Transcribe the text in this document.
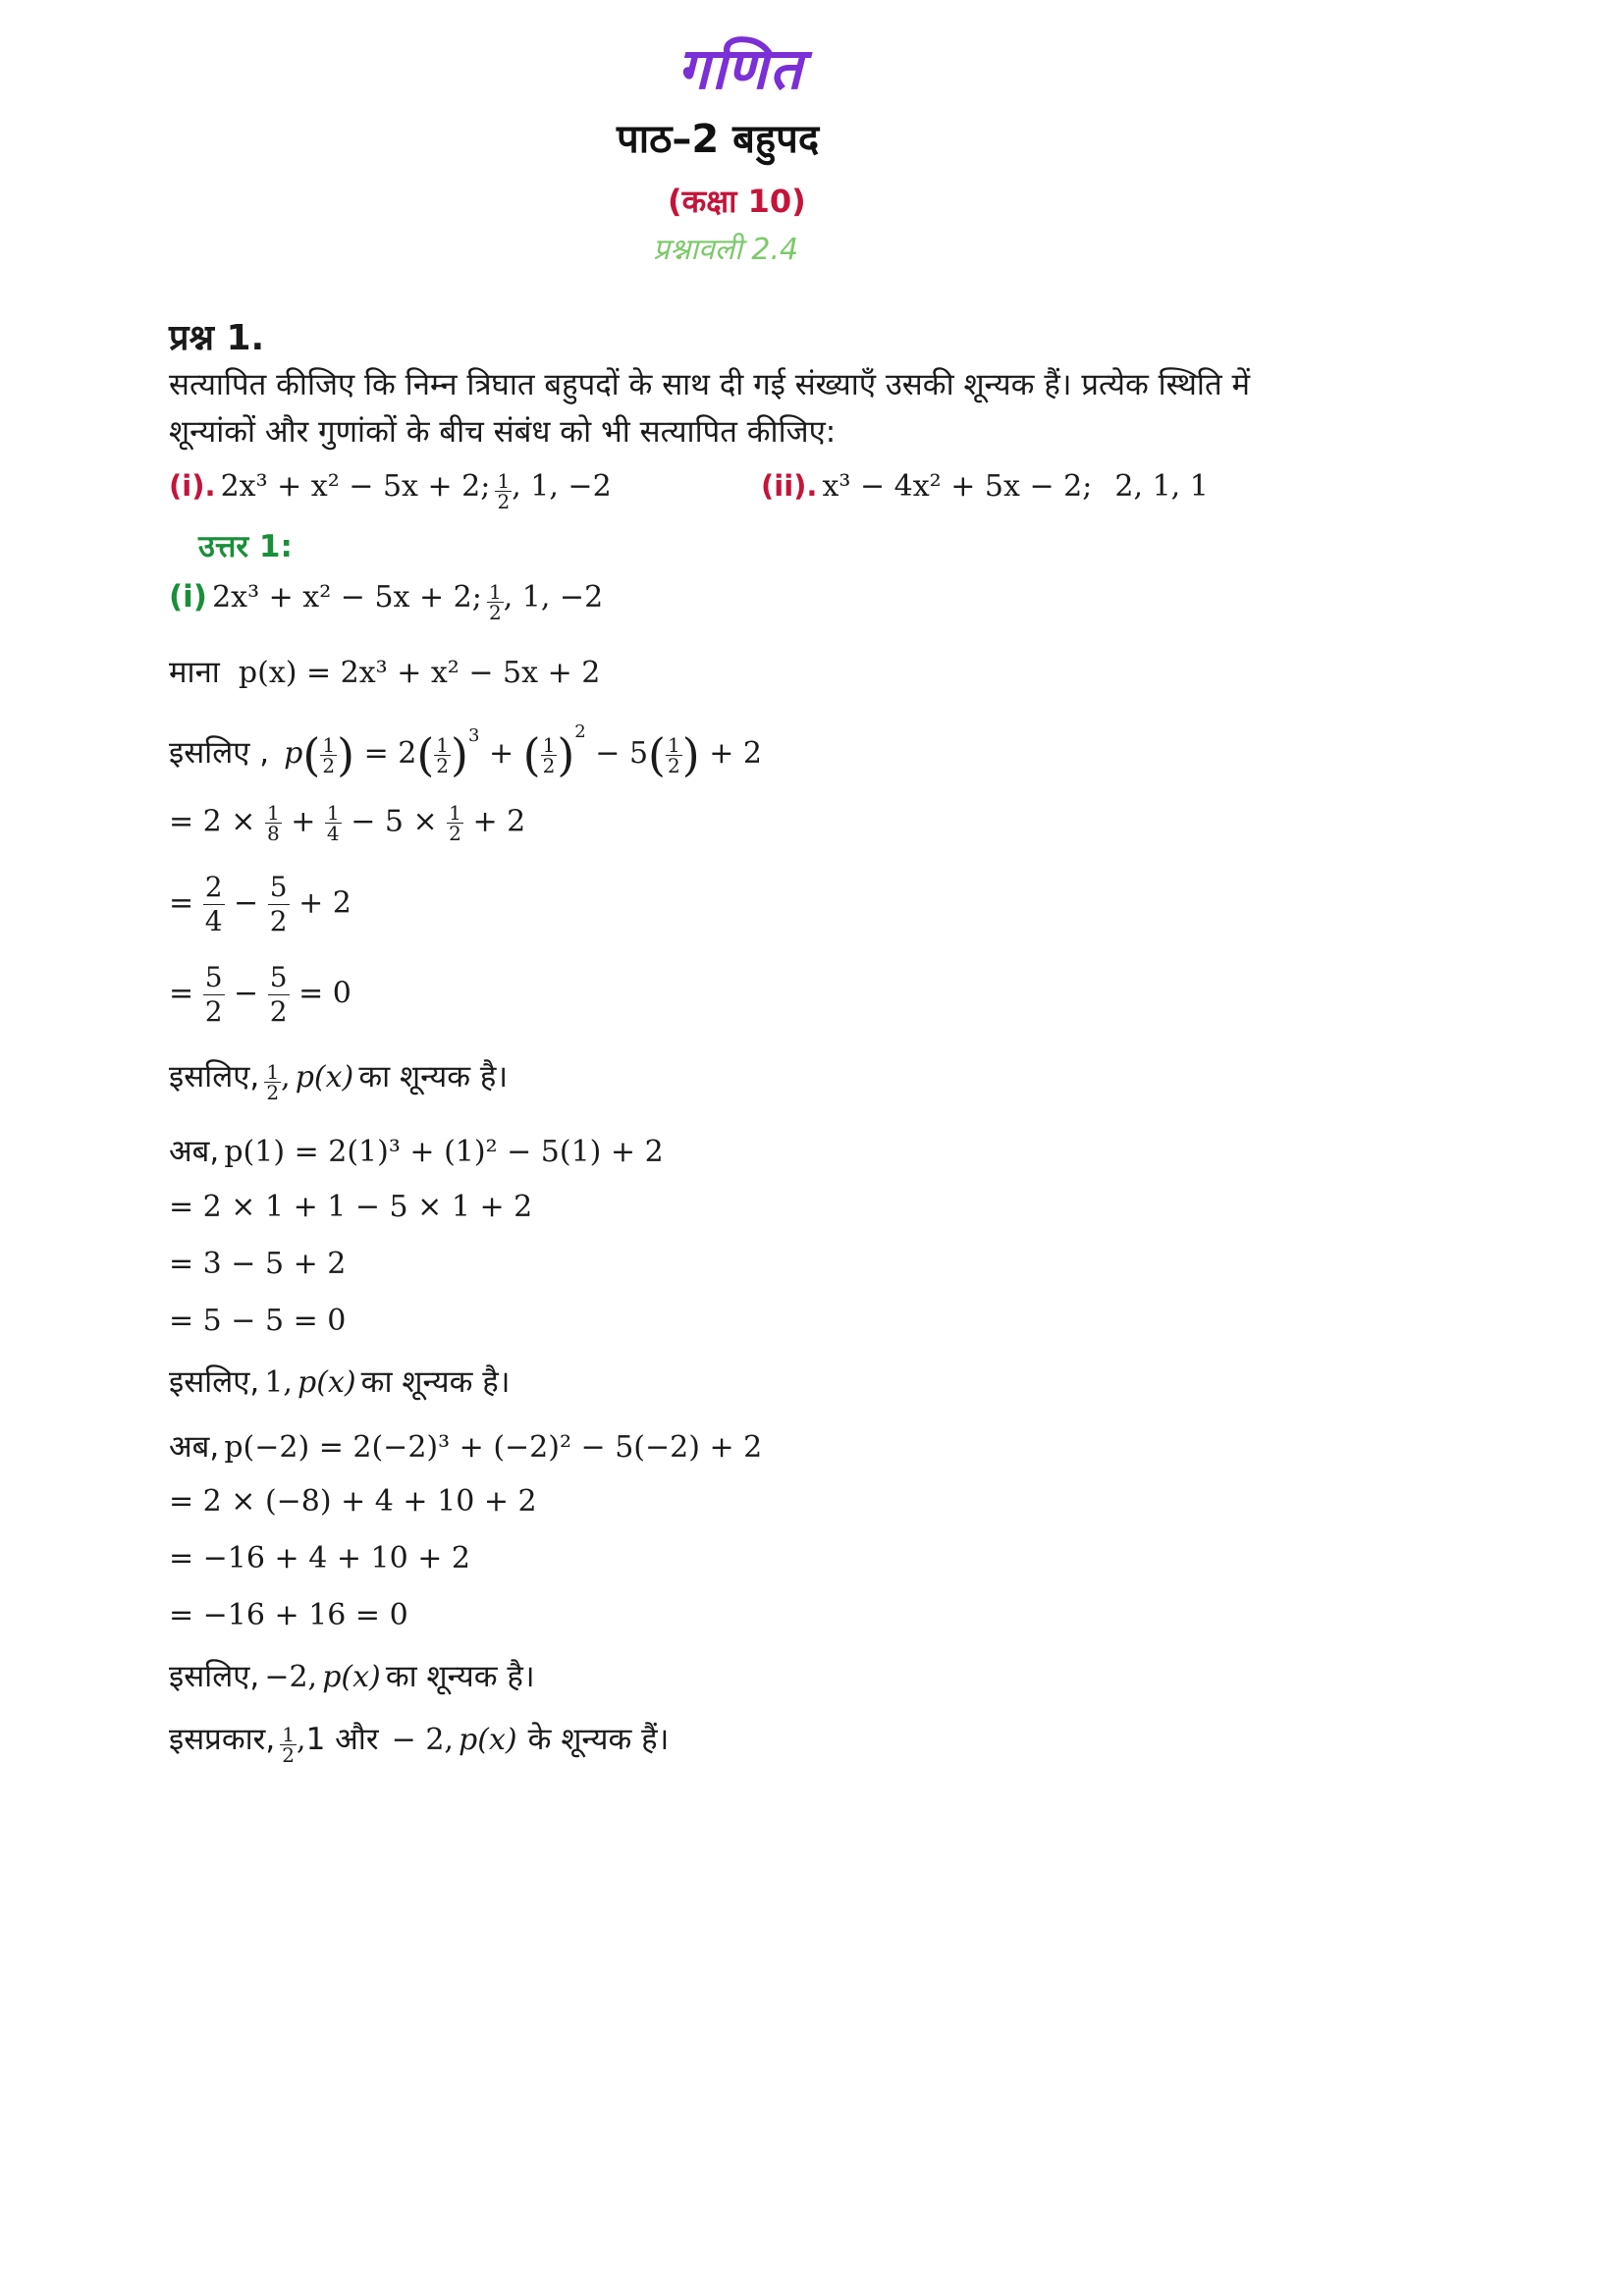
गणित
पाठ–2 बहुपद
(कक्षा 10)
प्रश्नावली 2.4
प्रश्न 1.
सत्यापित कीजिए कि निम्न त्रिघात बहुपदों के साथ दी गई संख्याएँ उसकी शून्यक हैं। प्रत्येक स्थिति में
शून्यांकों और गुणांकों के बीच संबंध को भी सत्यापित कीजिए:
(i). 2x³ + x² − 5x + 2; $\frac{1}{2}$ , 1, −2	(ii). x³ − 4x² + 5x − 2; 2, 1, 1
उत्तर 1:
(i) 2x³ + x² − 5x + 2; $\frac{1}{2}$ , 1, −2
माना p(x) = 2x³ + x² − 5x + 2
इसलिए , $p( \frac{1}{2}$ ) = $2( \frac{1}{2} )^3$ + ( $\frac{1}{2} )^2 - 5( \frac{1}{2}$ ) + 2
= $2 \times \frac{1}{8} + \frac{1}{4} - 5 \times \frac{1}{2} + 2$
= $\frac{2}{4} - \frac{5}{2} + 2$
= $\frac{5}{2} - \frac{5}{2} = 0$
इसलिए, $\frac{1}{2}$ , p(x) का शून्यक है।
अब, p(1) = 2(1)³ + (1)² − 5(1) + 2
= 2 × 1 + 1 − 5 × 1 + 2
= 3 − 5 + 2
= 5 − 5 = 0
इसलिए, 1, p(x) का शून्यक है।
अब, p(−2) = 2(−2)³ + (−2)² − 5(−2) + 2
= 2 × (−8) + 4 + 10 + 2
= −16 + 4 + 10 + 2
= −16 + 16 = 0
इसलिए, −2, p(x) का शून्यक है।
इसप्रकार, $\frac{1}{2} ,1$ और − 2, p(x) के शून्यक हैं।
